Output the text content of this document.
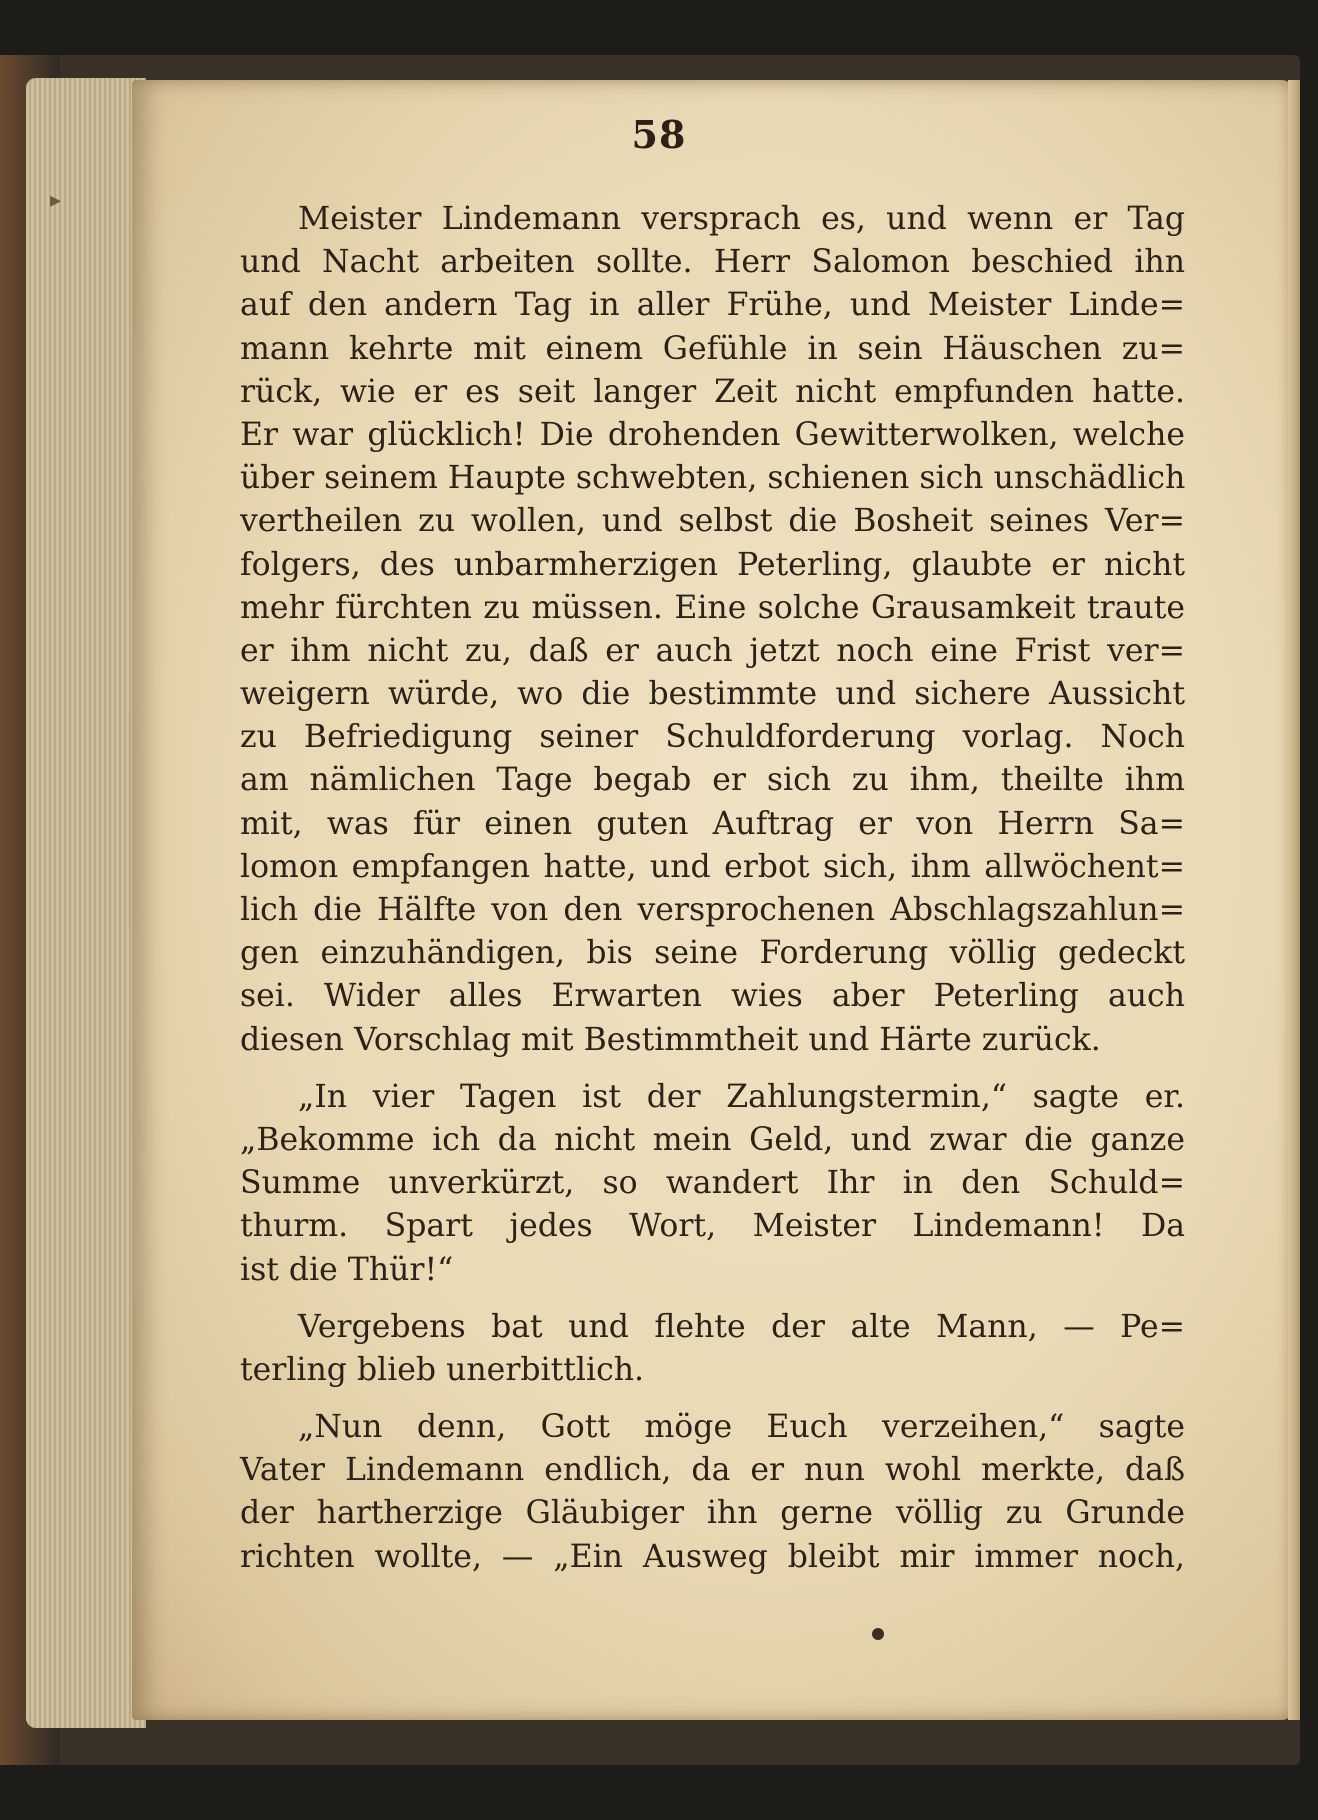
▸
58
Meister Lindemann versprach es, und wenn er Tag
und Nacht arbeiten sollte. Herr Salomon beschied ihn
auf den andern Tag in aller Frühe, und Meister Linde=
mann kehrte mit einem Gefühle in sein Häuschen zu=
rück, wie er es seit langer Zeit nicht empfunden hatte.
Er war glücklich! Die drohenden Gewitterwolken, welche
über seinem Haupte schwebten, schienen sich unschädlich
vertheilen zu wollen, und selbst die Bosheit seines Ver=
folgers, des unbarmherzigen Peterling, glaubte er nicht
mehr fürchten zu müssen. Eine solche Grausamkeit traute
er ihm nicht zu, daß er auch jetzt noch eine Frist ver=
weigern würde, wo die bestimmte und sichere Aussicht
zu Befriedigung seiner Schuldforderung vorlag. Noch
am nämlichen Tage begab er sich zu ihm, theilte ihm
mit, was für einen guten Auftrag er von Herrn Sa=
lomon empfangen hatte, und erbot sich, ihm allwöchent=
lich die Hälfte von den versprochenen Abschlagszahlun=
gen einzuhändigen, bis seine Forderung völlig gedeckt
sei. Wider alles Erwarten wies aber Peterling auch
diesen Vorschlag mit Bestimmtheit und Härte zurück.
„In vier Tagen ist der Zahlungstermin,“ sagte er.
„Bekomme ich da nicht mein Geld, und zwar die ganze
Summe unverkürzt, so wandert Ihr in den Schuld=
thurm. Spart jedes Wort, Meister Lindemann! Da
ist die Thür!“
Vergebens bat und flehte der alte Mann, — Pe=
terling blieb unerbittlich.
„Nun denn, Gott möge Euch verzeihen,“ sagte
Vater Lindemann endlich, da er nun wohl merkte, daß
der hartherzige Gläubiger ihn gerne völlig zu Grunde
richten wollte, — „Ein Ausweg bleibt mir immer noch,
